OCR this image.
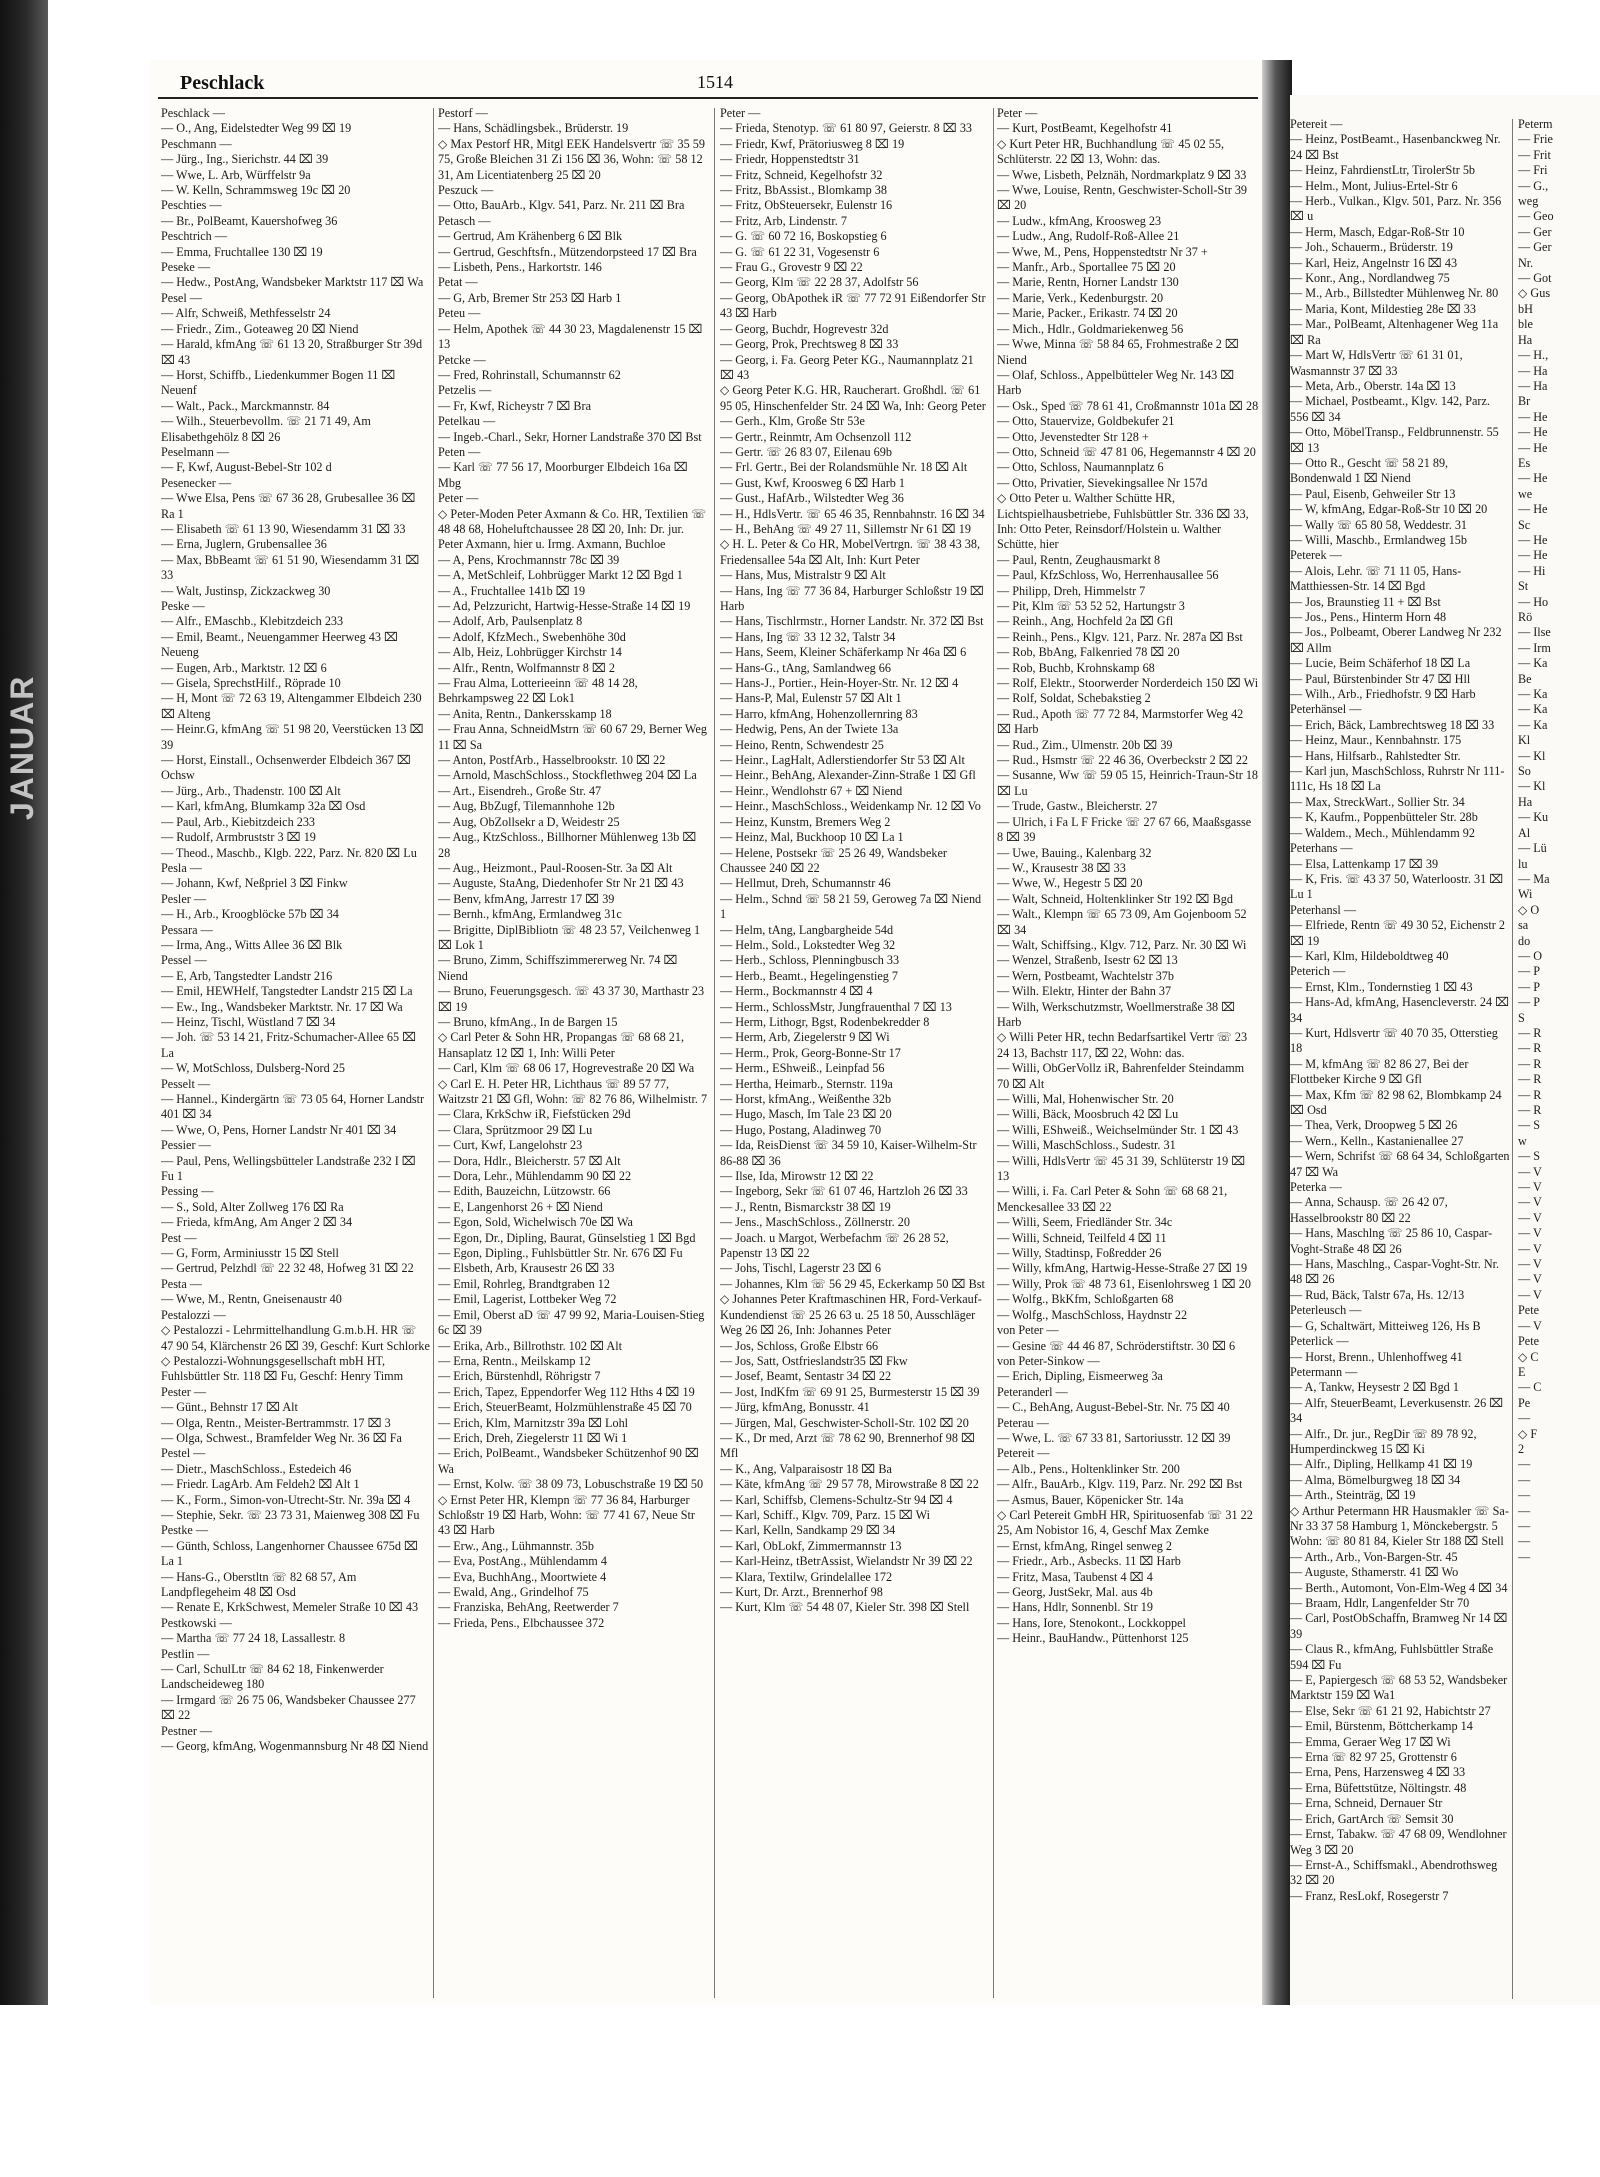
JANUAR
Peschlack	1514

Peschlack —
— O., Ang, Eidelstedter Weg 99 ⌧ 19
Peschmann —
— Jürg., Ing., Sierichstr. 44 ⌧ 39
— Wwe, L. Arb, Würffelstr 9a
— W. Kelln, Schrammsweg 19c ⌧ 20
Peschties —
— Br., PolBeamt, Kauershofweg 36
Peschtrich —
— Emma, Fruchtallee 130 ⌧ 19
Peseke —
— Hedw., PostAng, Wandsbeker Marktstr 117 ⌧ Wa
Pesel —
— Alfr, Schweiß, Methfesselstr 24
— Friedr., Zim., Goteaweg 20 ⌧ Niend
— Harald, kfmAng ☏ 61 13 20, Straßburger Str 39d ⌧ 43
— Horst, Schiffb., Liedenkummer Bogen 11 ⌧ Neuenf
— Walt., Pack., Marckmannstr. 84
— Wilh., Steuerbevollm. ☏ 21 71 49, Am Elisabethgehölz 8 ⌧ 26
Peselmann —
— F, Kwf, August-Bebel-Str 102 d
Pesenecker —
— Wwe Elsa, Pens ☏ 67 36 28, Grubesallee 36 ⌧ Ra 1
— Elisabeth ☏ 61 13 90, Wiesendamm 31 ⌧ 33
— Erna, Juglern, Grubensallee 36
— Max, BbBeamt ☏ 61 51 90, Wiesendamm 31 ⌧ 33
— Walt, Justinsp, Zickzackweg 30
Peske —
— Alfr., EMaschb., Klebitzdeich 233
— Emil, Beamt., Neuengammer Heerweg 43 ⌧ Neueng
— Eugen, Arb., Marktstr. 12 ⌧ 6
— Gisela, SprechstHilf., Röprade 10
— H, Mont ☏ 72 63 19, Altengammer Elbdeich 230 ⌧ Alteng
— Heinr.G, kfmAng ☏ 51 98 20, Veerstücken 13 ⌧ 39
— Horst, Einstall., Ochsenwerder Elbdeich 367 ⌧ Ochsw
— Jürg., Arb., Thadenstr. 100 ⌧ Alt
— Karl, kfmAng, Blumkamp 32a ⌧ Osd
— Paul, Arb., Kiebitzdeich 233
— Rudolf, Armbruststr 3 ⌧ 19
— Theod., Maschb., Klgb. 222, Parz. Nr. 820 ⌧ Lu
Pesla —
— Johann, Kwf, Neßpriel 3 ⌧ Finkw
Pesler —
— H., Arb., Kroogblöcke 57b ⌧ 34
Pessara —
— Irma, Ang., Witts Allee 36 ⌧ Blk
Pessel —
— E, Arb, Tangstedter Landstr 216
— Emil, HEWHelf, Tangstedter Landstr 215 ⌧ La
— Ew., Ing., Wandsbeker Marktstr. Nr. 17 ⌧ Wa
— Heinz, Tischl, Wüstland 7 ⌧ 34
— Joh. ☏ 53 14 21, Fritz-Schumacher-Allee 65 ⌧ La
— W, MotSchloss, Dulsberg-Nord 25
Pesselt —
— Hannel., Kindergärtn ☏ 73 05 64, Horner Landstr 401 ⌧ 34
— Wwe, O, Pens, Horner Landstr Nr 401 ⌧ 34
Pessier —
— Paul, Pens, Wellingsbütteler Landstraße 232 I ⌧ Fu 1
Pessing —
— S., Sold, Alter Zollweg 176 ⌧ Ra
— Frieda, kfmAng, Am Anger 2 ⌧ 34
Pest —
— G, Form, Arminiusstr 15 ⌧ Stell
— Gertrud, Pelzhdl ☏ 22 32 48, Hofweg 31 ⌧ 22
Pesta —
— Wwe, M., Rentn, Gneisenaustr 40
Pestalozzi —
◇ Pestalozzi - Lehrmittelhandlung G.m.b.H. HR ☏ 47 90 54, Klärchenstr 26 ⌧ 39, Geschf: Kurt Schlorke
◇ Pestalozzi-Wohnungsgesellschaft mbH HT, Fuhlsbüttler Str. 118 ⌧ Fu, Geschf: Henry Timm
Pester —
— Günt., Behnstr 17 ⌧ Alt
— Olga, Rentn., Meister-Bertrammstr. 17 ⌧ 3
— Olga, Schwest., Bramfelder Weg Nr. 36 ⌧ Fa
Pestel —
— Dietr., MaschSchloss., Estedeich 46
— Friedr. LagArb. Am Feldeh2 ⌧ Alt 1
— K., Form., Simon-von-Utrecht-Str. Nr. 39a ⌧ 4
— Stephie, Sekr. ☏ 23 73 31, Maienweg 308 ⌧ Fu
Pestke —
— Günth, Schloss, Langenhorner Chaussee 675d ⌧ La 1
— Hans-G., Oberstltn ☏ 82 68 57, Am Landpflegeheim 48 ⌧ Osd
— Renate E, KrkSchwest, Memeler Straße 10 ⌧ 43
Pestkowski —
— Martha ☏ 77 24 18, Lassallestr. 8
Pestlin —
— Carl, SchulLtr ☏ 84 62 18, Finkenwerder Landscheideweg 180
— Irmgard ☏ 26 75 06, Wandsbeker Chaussee 277 ⌧ 22
Pestner —
— Georg, kfmAng, Wogenmannsburg Nr 48 ⌧ Niend

Pestorf —
— Hans, Schädlingsbek., Brüderstr. 19
◇ Max Pestorf HR, Mitgl EEK Handelsvertr ☏ 35 59 75, Große Bleichen 31 Zi 156 ⌧ 36, Wohn: ☏ 58 12 31, Am Licentiatenberg 25 ⌧ 20
Peszuck —
— Otto, BauArb., Klgv. 541, Parz. Nr. 211 ⌧ Bra
Petasch —
— Gertrud, Am Krähenberg 6 ⌧ Blk
— Gertrud, Geschftsfn., Mützendorpsteed 17 ⌧ Bra
— Lisbeth, Pens., Harkortstr. 146
Petat —
— G, Arb, Bremer Str 253 ⌧ Harb 1
Peteu —
— Helm, Apothek ☏ 44 30 23, Magdalenenstr 15 ⌧ 13
Petcke —
— Fred, Rohrinstall, Schumannstr 62
Petzelis —
— Fr, Kwf, Richeystr 7 ⌧ Bra
Petelkau —
— Ingeb.-Charl., Sekr, Horner Landstraße 370 ⌧ Bst
Peten —
— Karl ☏ 77 56 17, Moorburger Elbdeich 16a ⌧ Mbg
Peter —
◇ Peter-Moden Peter Axmann & Co. HR, Textilien ☏ 48 48 68, Hoheluftchaussee 28 ⌧ 20, Inh: Dr. jur. Peter Axmann, hier u. Irmg. Axmann, Buchloe
— A, Pens, Krochmannstr 78c ⌧ 39
— A, MetSchleif, Lohbrügger Markt 12 ⌧ Bgd 1
— A., Fruchtallee 141b ⌧ 19
— Ad, Pelzzuricht, Hartwig-Hesse-Straße 14 ⌧ 19
— Adolf, Arb, Paulsenplatz 8
— Adolf, KfzMech., Swebenhöhe 30d
— Alb, Heiz, Lohbrügger Kirchstr 14
— Alfr., Rentn, Wolfmannstr 8 ⌧ 2
— Frau Alma, Lotterieeinn ☏ 48 14 28, Behrkampsweg 22 ⌧ Lok1
— Anita, Rentn., Dankersskamp 18
— Frau Anna, SchneidMstrn ☏ 60 67 29, Berner Weg 11 ⌧ Sa
— Anton, PostfArb., Hasselbrookstr. 10 ⌧ 22
— Arnold, MaschSchloss., Stockflethweg 204 ⌧ La
— Art., Eisendreh., Große Str. 47
— Aug, BbZugf, Tilemannhohe 12b
— Aug, ObZollsekr a D, Weidestr 25
— Aug., KtzSchloss., Billhorner Mühlenweg 13b ⌧ 28
— Aug., Heizmont., Paul-Roosen-Str. 3a ⌧ Alt
— Auguste, StaAng, Diedenhofer Str Nr 21 ⌧ 43
— Benv, kfmAng, Jarrestr 17 ⌧ 39
— Bernh., kfmAng, Ermlandweg 31c
— Brigitte, DiplBibliotn ☏ 48 23 57, Veilchenweg 1 ⌧ Lok 1
— Bruno, Zimm, Schiffszimmererweg Nr. 74 ⌧ Niend
— Bruno, Feuerungsgesch. ☏ 43 37 30, Marthastr 23 ⌧ 19
— Bruno, kfmAng., In de Bargen 15
◇ Carl Peter & Sohn HR, Propangas ☏ 68 68 21, Hansaplatz 12 ⌧ 1, Inh: Willi Peter
— Carl, Klm ☏ 68 06 17, Hogrevestraße 20 ⌧ Wa
◇ Carl E. H. Peter HR, Lichthaus ☏ 89 57 77, Waitzstr 21 ⌧ Gfl, Wohn: ☏ 82 76 86, Wilhelmistr. 7
— Clara, KrkSchw iR, Fiefstücken 29d
— Clara, Sprützmoor 29 ⌧ Lu
— Curt, Kwf, Langelohstr 23
— Dora, Hdlr., Bleicherstr. 57 ⌧ Alt
— Dora, Lehr., Mühlendamm 90 ⌧ 22
— Edith, Bauzeichn, Lützowstr. 66
— E, Langenhorst 26 + ⌧ Niend
— Egon, Sold, Wichelwisch 70e ⌧ Wa
— Egon, Dr., Dipling, Baurat, Günselstieg 1 ⌧ Bgd
— Egon, Dipling., Fuhlsbüttler Str. Nr. 676 ⌧ Fu
— Elsbeth, Arb, Krausestr 26 ⌧ 33
— Emil, Rohrleg, Brandtgraben 12
— Emil, Lagerist, Lottbeker Weg 72
— Emil, Oberst aD ☏ 47 99 92, Maria-Louisen-Stieg 6c ⌧ 39
— Erika, Arb., Billrothstr. 102 ⌧ Alt
— Erna, Rentn., Meilskamp 12
— Erich, Bürstenhdl, Röhrigstr 7
— Erich, Tapez, Eppendorfer Weg 112 Hths 4 ⌧ 19
— Erich, SteuerBeamt, Holzmühlenstraße 45 ⌧ 70
— Erich, Klm, Marnitzstr 39a ⌧ Lohl
— Erich, Dreh, Ziegelerstr 11 ⌧ Wi 1
— Erich, PolBeamt., Wandsbeker Schützenhof 90 ⌧ Wa
— Ernst, Kolw. ☏ 38 09 73, Lobuschstraße 19 ⌧ 50
◇ Ernst Peter HR, Klempn ☏ 77 36 84, Harburger Schloßstr 19 ⌧ Harb, Wohn: ☏ 77 41 67, Neue Str 43 ⌧ Harb
— Erw., Ang., Lühmannstr. 35b
— Eva, PostAng., Mühlendamm 4
— Eva, BuchhAng., Moortwiete 4
— Ewald, Ang., Grindelhof 75
— Franziska, BehAng, Reetwerder 7
— Frieda, Pens., Elbchaussee 372

Peter —
— Frieda, Stenotyp. ☏ 61 80 97, Geierstr. 8 ⌧ 33
— Friedr, Kwf, Prätoriusweg 8 ⌧ 19
— Friedr, Hoppenstedtstr 31
— Fritz, Schneid, Kegelhofstr 32
— Fritz, BbAssist., Blomkamp 38
— Fritz, ObSteuersekr, Eulenstr 16
— Fritz, Arb, Lindenstr. 7
— G. ☏ 60 72 16, Boskopstieg 6
— G. ☏ 61 22 31, Vogesenstr 6
— Frau G., Grovestr 9 ⌧ 22
— Georg, Klm ☏ 22 28 37, Adolfstr 56
— Georg, ObApothek iR ☏ 77 72 91 Eißendorfer Str 43 ⌧ Harb
— Georg, Buchdr, Hogrevestr 32d
— Georg, Prok, Prechtsweg 8 ⌧ 33
— Georg, i. Fa. Georg Peter KG., Naumannplatz 21 ⌧ 43
◇ Georg Peter K.G. HR, Raucherart. Großhdl. ☏ 61 95 05, Hinschenfelder Str. 24 ⌧ Wa, Inh: Georg Peter
— Gerh., Klm, Große Str 53e
— Gertr., Reinmtr, Am Ochsenzoll 112
— Gertr. ☏ 26 83 07, Eilenau 69b
— Frl. Gertr., Bei der Rolandsmühle Nr. 18 ⌧ Alt
— Gust, Kwf, Kroosweg 6 ⌧ Harb 1
— Gust., HafArb., Wilstedter Weg 36
— H., HdlsVertr. ☏ 65 46 35, Rennbahnstr. 16 ⌧ 34
— H., BehAng ☏ 49 27 11, Sillemstr Nr 61 ⌧ 19
◇ H. L. Peter & Co HR, MobelVertrgn. ☏ 38 43 38, Friedensallee 54a ⌧ Alt, Inh: Kurt Peter
— Hans, Mus, Mistralstr 9 ⌧ Alt
— Hans, Ing ☏ 77 36 84, Harburger Schloßstr 19 ⌧ Harb
— Hans, Tischlrmstr., Horner Landstr. Nr. 372 ⌧ Bst
— Hans, Ing ☏ 33 12 32, Talstr 34
— Hans, Seem, Kleiner Schäferkamp Nr 46a ⌧ 6
— Hans-G., tAng, Samlandweg 66
— Hans-J., Portier., Hein-Hoyer-Str. Nr. 12 ⌧ 4
— Hans-P, Mal, Eulenstr 57 ⌧ Alt 1
— Harro, kfmAng, Hohenzollernring 83
— Hedwig, Pens, An der Twiete 13a
— Heino, Rentn, Schwendestr 25
— Heinr., LagHalt, Adlerstiendorfer Str 53 ⌧ Alt
— Heinr., BehAng, Alexander-Zinn-Straße 1 ⌧ Gfl
— Heinr., Wendlohstr 67 + ⌧ Niend
— Heinr., MaschSchloss., Weidenkamp Nr. 12 ⌧ Vo
— Heinz, Kunstm, Bremers Weg 2
— Heinz, Mal, Buckhoop 10 ⌧ La 1
— Helene, Postsekr ☏ 25 26 49, Wandsbeker Chaussee 240 ⌧ 22
— Hellmut, Dreh, Schumannstr 46
— Helm., Schnd ☏ 58 21 59, Geroweg 7a ⌧ Niend 1
— Helm, tAng, Langbargheide 54d
— Helm., Sold., Lokstedter Weg 32
— Herb., Schloss, Plenningbusch 33
— Herb., Beamt., Hegelingenstieg 7
— Herm., Bockmannstr 4 ⌧ 4
— Herm., SchlossMstr, Jungfrauenthal 7 ⌧ 13
— Herm, Lithogr, Bgst, Rodenbekredder 8
— Herm, Arb, Ziegelerstr 9 ⌧ Wi
— Herm., Prok, Georg-Bonne-Str 17
— Herm., EShweiß., Leinpfad 56
— Hertha, Heimarb., Sternstr. 119a
— Horst, kfmAng., Weißenthe 32b
— Hugo, Masch, Im Tale 23 ⌧ 20
— Hugo, Postang, Aladinweg 70
— Ida, ReisDienst ☏ 34 59 10, Kaiser-Wilhelm-Str 86-88 ⌧ 36
— Ilse, Ida, Mirowstr 12 ⌧ 22
— Ingeborg, Sekr ☏ 61 07 46, Hartzloh 26 ⌧ 33
— J., Rentn, Bismarckstr 38 ⌧ 19
— Jens., MaschSchloss., Zöllnerstr. 20
— Joach. u Margot, Werbefachm ☏ 26 28 52, Papenstr 13 ⌧ 22
— Johs, Tischl, Lagerstr 23 ⌧ 6
— Johannes, Klm ☏ 56 29 45, Eckerkamp 50 ⌧ Bst
◇ Johannes Peter Kraftmaschinen HR, Ford-Verkauf-Kundendienst ☏ 25 26 63 u. 25 18 50, Ausschläger Weg 26 ⌧ 26, Inh: Johannes Peter
— Jos, Schloss, Große Elbstr 66
— Jos, Satt, Ostfrieslandstr35 ⌧ Fkw
— Josef, Beamt, Sentastr 34 ⌧ 22
— Jost, IndKfm ☏ 69 91 25, Burmesterstr 15 ⌧ 39
— Jürg, kfmAng, Bonusstr. 41
— Jürgen, Mal, Geschwister-Scholl-Str. 102 ⌧ 20
— K., Dr med, Arzt ☏ 78 62 90, Brennerhof 98 ⌧ Mfl
— K., Ang, Valparaisostr 18 ⌧ Ba
— Käte, kfmAng ☏ 29 57 78, Mirowstraße 8 ⌧ 22
— Karl, Schiffsb, Clemens-Schultz-Str 94 ⌧ 4
— Karl, Schiff., Klgv. 709, Parz. 15 ⌧ Wi
— Karl, Kelln, Sandkamp 29 ⌧ 34
— Karl, ObLokf, Zimmermannstr 13
— Karl-Heinz, tBetrAssist, Wielandstr Nr 39 ⌧ 22
— Klara, Textilw, Grindelallee 172
— Kurt, Dr. Arzt., Brennerhof 98
— Kurt, Klm ☏ 54 48 07, Kieler Str. 398 ⌧ Stell

Peter —
— Kurt, PostBeamt, Kegelhofstr 41
◇ Kurt Peter HR, Buchhandlung ☏ 45 02 55, Schlüterstr. 22 ⌧ 13, Wohn: das.
— Wwe, Lisbeth, Pelznäh, Nordmarkplatz 9 ⌧ 33
— Wwe, Louise, Rentn, Geschwister-Scholl-Str 39 ⌧ 20
— Ludw., kfmAng, Kroosweg 23
— Ludw., Ang, Rudolf-Roß-Allee 21
— Wwe, M., Pens, Hoppenstedtstr Nr 37 +
— Manfr., Arb., Sportallee 75 ⌧ 20
— Marie, Rentn, Horner Landstr 130
— Marie, Verk., Kedenburgstr. 20
— Marie, Packer., Erikastr. 74 ⌧ 20
— Mich., Hdlr., Goldmariekenweg 56
— Wwe, Minna ☏ 58 84 65, Frohmestraße 2 ⌧ Niend
— Olaf, Schloss., Appelbütteler Weg Nr. 143 ⌧ Harb
— Osk., Sped ☏ 78 61 41, Croßmannstr 101a ⌧ 28
— Otto, Stauervize, Goldbekufer 21
— Otto, Jevenstedter Str 128 +
— Otto, Schneid ☏ 47 81 06, Hegemannstr 4 ⌧ 20
— Otto, Schloss, Naumannplatz 6
— Otto, Privatier, Sievekingsallee Nr 157d
◇ Otto Peter u. Walther Schütte HR, Lichtspielhausbetriebe, Fuhlsbüttler Str. 336 ⌧ 33, Inh: Otto Peter, Reinsdorf/Holstein u. Walther Schütte, hier
— Paul, Rentn, Zeughausmarkt 8
— Paul, KfzSchloss, Wo, Herrenhausallee 56
— Philipp, Dreh, Himmelstr 7
— Pit, Klm ☏ 53 52 52, Hartungstr 3
— Reinh., Ang, Hochfeld 2a ⌧ Gfl
— Reinh., Pens., Klgv. 121, Parz. Nr. 287a ⌧ Bst
— Rob, BbAng, Falkenried 78 ⌧ 20
— Rob, Buchb, Krohnskamp 68
— Rolf, Elektr., Stoorwerder Norderdeich 150 ⌧ Wi
— Rolf, Soldat, Schebakstieg 2
— Rud., Apoth ☏ 77 72 84, Marmstorfer Weg 42 ⌧ Harb
— Rud., Zim., Ulmenstr. 20b ⌧ 39
— Rud., Hsmstr ☏ 22 46 36, Overbeckstr 2 ⌧ 22
— Susanne, Ww ☏ 59 05 15, Heinrich-Traun-Str 18 ⌧ Lu
— Trude, Gastw., Bleicherstr. 27
— Ulrich, i Fa L F Fricke ☏ 27 67 66, Maaßsgasse 8 ⌧ 39
— Uwe, Bauing., Kalenbarg 32
— W., Krausestr 38 ⌧ 33
— Wwe, W., Hegestr 5 ⌧ 20
— Walt, Schneid, Holtenklinker Str 192 ⌧ Bgd
— Walt., Klempn ☏ 65 73 09, Am Gojenboom 52 ⌧ 34
— Walt, Schiffsing., Klgv. 712, Parz. Nr. 30 ⌧ Wi
— Wenzel, Straßenb, Isestr 62 ⌧ 13
— Wern, Postbeamt, Wachtelstr 37b
— Wilh. Elektr, Hinter der Bahn 37
— Wilh, Werkschutzmstr, Woellmerstraße 38 ⌧ Harb
◇ Willi Peter HR, techn Bedarfsartikel Vertr ☏ 23 24 13, Bachstr 117, ⌧ 22, Wohn: das.
— Willi, ObGerVollz iR, Bahrenfelder Steindamm 70 ⌧ Alt
— Willi, Mal, Hohenwischer Str. 20
— Willi, Bäck, Moosbruch 42 ⌧ Lu
— Willi, EShweiß., Weichselmünder Str. 1 ⌧ 43
— Willi, MaschSchloss., Sudestr. 31
— Willi, HdlsVertr ☏ 45 31 39, Schlüterstr 19 ⌧ 13
— Willi, i. Fa. Carl Peter & Sohn ☏ 68 68 21, Menckesallee 33 ⌧ 22
— Willi, Seem, Friedländer Str. 34c
— Willi, Schneid, Teilfeld 4 ⌧ 11
— Willy, Stadtinsp, Foßredder 26
— Willy, kfmAng, Hartwig-Hesse-Straße 27 ⌧ 19
— Willy, Prok ☏ 48 73 61, Eisenlohrsweg 1 ⌧ 20
— Wolfg., BkKfm, Schloßgarten 68
— Wolfg., MaschSchloss, Haydnstr 22
von Peter —
— Gesine ☏ 44 46 87, Schröderstiftstr. 30 ⌧ 6
von Peter-Sinkow —
— Erich, Dipling, Eismeerweg 3a
Peteranderl —
— C., BehAng, August-Bebel-Str. Nr. 75 ⌧ 40
Peterau —
— Wwe, L. ☏ 67 33 81, Sartoriusstr. 12 ⌧ 39
Petereit —
— Alb., Pens., Holtenklinker Str. 200
— Alfr., BauArb., Klgv. 119, Parz. Nr. 292 ⌧ Bst
— Asmus, Bauer, Köpenicker Str. 14a
◇ Carl Petereit GmbH HR, Spirituosenfab ☏ 31 22 25, Am Nobistor 16, 4, Geschf Max Zemke
— Ernst, kfmAng, Ringel senweg 2
— Friedr., Arb., Asbecks. 11 ⌧ Harb
— Fritz, Masa, Taubenst 4 ⌧ 4
— Georg, JustSekr, Mal. aus 4b
— Hans, Hdlr, Sonnenbl. Str 19
— Hans, Iore, Stenokont., Lockkoppel
— Heinr., BauHandw., Püttenhorst 125

Petereit —
— Heinz, PostBeamt., Hasenbanckweg Nr. 24 ⌧ Bst
— Heinz, FahrdienstLtr, TirolerStr 5b
— Helm., Mont, Julius-Ertel-Str 6
— Herb., Vulkan., Klgv. 501, Parz. Nr. 356 ⌧ u
— Herm, Masch, Edgar-Roß-Str 10
— Joh., Schauerm., Brüderstr. 19
— Karl, Heiz, Angelnstr 16 ⌧ 43
— Konr., Ang., Nordlandweg 75
— M., Arb., Billstedter Mühlenweg Nr. 80
— Maria, Kont, Mildestieg 28e ⌧ 33
— Mar., PolBeamt, Altenhagener Weg 11a ⌧ Ra
— Mart W, HdlsVertr ☏ 61 31 01, Wasmannstr 37 ⌧ 33
— Meta, Arb., Oberstr. 14a ⌧ 13
— Michael, Postbeamt., Klgv. 142, Parz. 556 ⌧ 34
— Otto, MöbelTransp., Feldbrunnenstr. 55 ⌧ 13
— Otto R., Gescht ☏ 58 21 89, Bondenwald 1 ⌧ Niend
— Paul, Eisenb, Gehweiler Str 13
— W, kfmAng, Edgar-Roß-Str 10 ⌧ 20
— Wally ☏ 65 80 58, Weddestr. 31
— Willi, Maschb., Ermlandweg 15b
Peterek —
— Alois, Lehr. ☏ 71 11 05, Hans-Matthiessen-Str. 14 ⌧ Bgd
— Jos, Braunstieg 11 + ⌧ Bst
— Jos., Pens., Hinterm Horn 48
— Jos., Polbeamt, Oberer Landweg Nr 232 ⌧ Allm
— Lucie, Beim Schäferhof 18 ⌧ La
— Paul, Bürstenbinder Str 47 ⌧ Hll
— Wilh., Arb., Friedhofstr. 9 ⌧ Harb
Peterhänsel —
— Erich, Bäck, Lambrechtsweg 18 ⌧ 33
— Heinz, Maur., Kennbahnstr. 175
— Hans, Hilfsarb., Rahlstedter Str.
— Karl jun, MaschSchloss, Ruhrstr Nr 111-111c, Hs 18 ⌧ La
— Max, StreckWart., Sollier Str. 34
— K, Kaufm., Poppenbütteler Str. 28b
— Waldem., Mech., Mühlendamm 92
Peterhans —
— Elsa, Lattenkamp 17 ⌧ 39
— K, Fris. ☏ 43 37 50, Waterloostr. 31 ⌧ Lu 1
Peterhansl —
— Elfriede, Rentn ☏ 49 30 52, Eichenstr 2 ⌧ 19
— Karl, Klm, Hildeboldtweg 40
Peterich —
— Ernst, Klm., Tondernstieg 1 ⌧ 43
— Hans-Ad, kfmAng, Hasencleverstr. 24 ⌧ 34
— Kurt, Hdlsvertr ☏ 40 70 35, Otterstieg 18
— M, kfmAng ☏ 82 86 27, Bei der Flottbeker Kirche 9 ⌧ Gfl
— Max, Kfm ☏ 82 98 62, Blombkamp 24 ⌧ Osd
— Thea, Verk, Droopweg 5 ⌧ 26
— Wern., Kelln., Kastanienallee 27
— Wern, Schrifst ☏ 68 64 34, Schloßgarten 47 ⌧ Wa
Peterka —
— Anna, Schausp. ☏ 26 42 07, Hasselbrookstr 80 ⌧ 22
— Hans, Maschlng ☏ 25 86 10, Caspar-Voght-Straße 48 ⌧ 26
— Hans, Maschlng., Caspar-Voght-Str. Nr. 48 ⌧ 26
— Rud, Bäck, Talstr 67a, Hs. 12/13
Peterleusch —
— G, Schaltwärt, Mitteiweg 126, Hs B
Peterlick —
— Horst, Brenn., Uhlenhoffweg 41
Petermann —
— A, Tankw, Heysestr 2 ⌧ Bgd 1
— Alfr, SteuerBeamt, Leverkusenstr. 26 ⌧ 34
— Alfr., Dr. jur., RegDir ☏ 89 78 92, Humperdinckweg 15 ⌧ Ki
— Alfr., Dipling, Hellkamp 41 ⌧ 19
— Alma, Bömelburgweg 18 ⌧ 34
— Arth., Steinträg, ⌧ 19
◇ Arthur Petermann HR Hausmakler ☏ Sa-Nr 33 37 58 Hamburg 1, Mönckebergstr. 5 Wohn: ☏ 80 81 84, Kieler Str 188 ⌧ Stell
— Arth., Arb., Von-Bargen-Str. 45
— Auguste, Sthamerstr. 41 ⌧ Wo
— Berth., Automont, Von-Elm-Weg 4 ⌧ 34
— Braam, Hdlr, Langenfelder Str 70
— Carl, PostObSchaffn, Bramweg Nr 14 ⌧ 39
— Claus R., kfmAng, Fuhlsbüttler Straße 594 ⌧ Fu
— E, Papiergesch ☏ 68 53 52, Wandsbeker Marktstr 159 ⌧ Wa1
— Else, Sekr ☏ 61 21 92, Habichtstr 27
— Emil, Bürstenm, Böttcherkamp 14
— Emma, Geraer Weg 17 ⌧ Wi
— Erna ☏ 82 97 25, Grottenstr 6
— Erna, Pens, Harzensweg 4 ⌧ 33
— Erna, Büfettstütze, Nöltingstr. 48
— Erna, Schneid, Dernauer Str
— Erich, GartArch ☏ Semsit 30
— Ernst, Tabakw. ☏ 47 68 09, Wendlohner Weg 3 ⌧ 20
— Ernst-A., Schiffsmakl., Abendrothsweg 32 ⌧ 20
— Franz, ResLokf, Rosegerstr 7

Peterm
— Frie
— Frit
— Fri
— G.,
weg
— Geo
— Ger
— Ger
Nr.
— Got
◇ Gus
bH
ble
Ha
— H.,
— Ha
— Ha
Br
— He
— He
— He
Es
— He
we
— He
Sc
— He
— He
— Hi
St
— Ho
Rö
— Ilse
— Irm
— Ka
Be
— Ka
— Ka
— Ka
Kl
— Kl
So
— Kl
Ha
— Ku
Al
— Lü
lu
— Ma
Wi
◇ O
sa
do
— O
— P
— P
— P
S
— R
— R
— R
— R
— R
— R
— S
w
— S
— V
— V
— V
— V
— V
— V
— V
— V
— V
Pete
— V
Pete
◇ C
E
— C
Pe
—
◇ F
2
—
—
—
—
—
—
—
